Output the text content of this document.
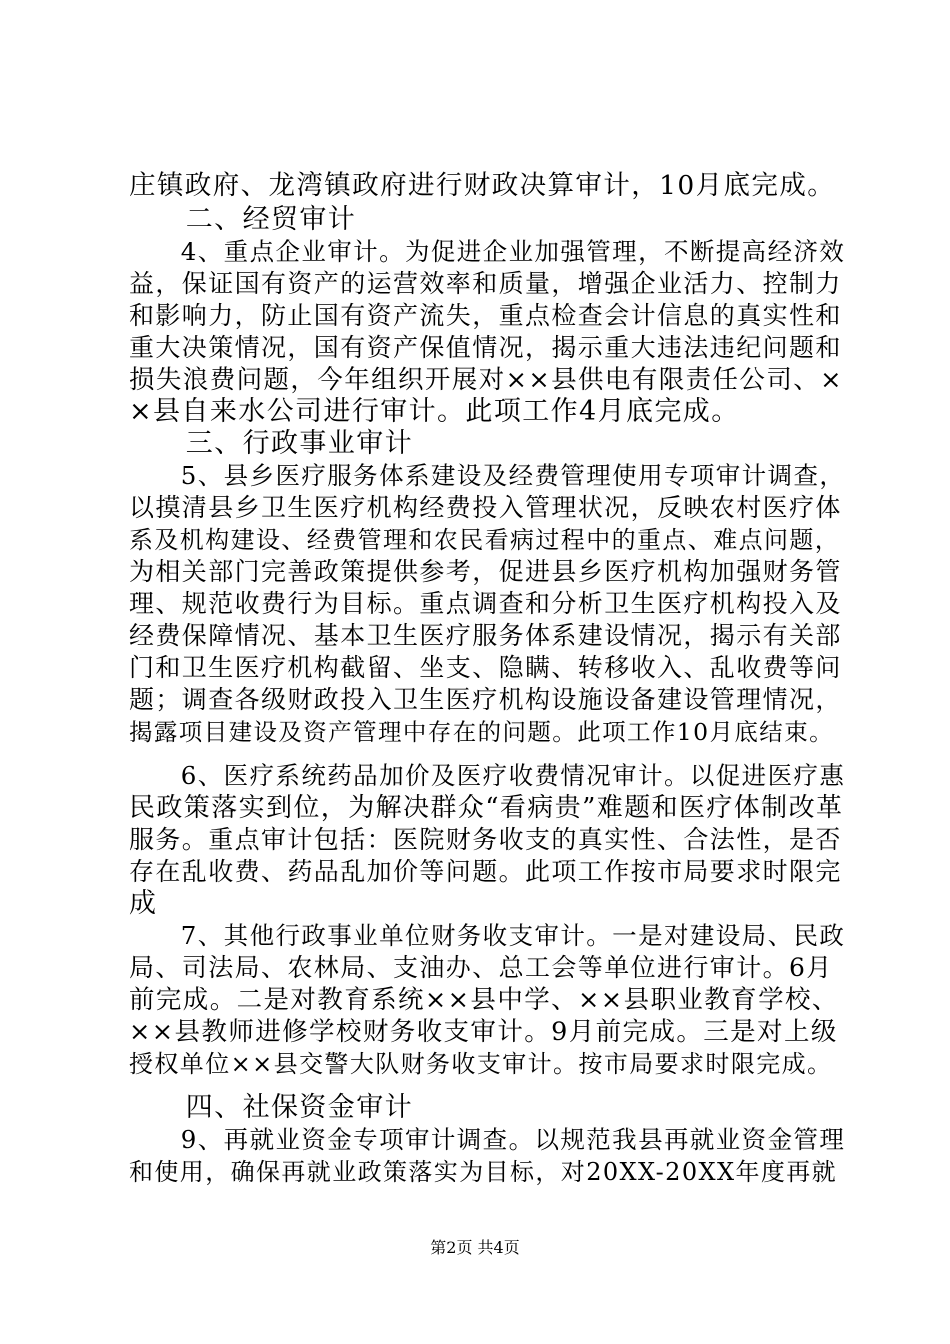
庄镇政府、龙湾镇政府进行财政决算审计，10月底完成。
　　二、经贸审计
　　4、重点企业审计。为促进企业加强管理，不断提高经济效
益，保证国有资产的运营效率和质量，增强企业活力、控制力
和影响力，防止国有资产流失，重点检查会计信息的真实性和
重大决策情况，国有资产保值情况，揭示重大违法违纪问题和
损失浪费问题，今年组织开展对××县供电有限责任公司、×
×县自来水公司进行审计。此项工作4月底完成。
　　三、行政事业审计
　　5、县乡医疗服务体系建设及经费管理使用专项审计调查，
以摸清县乡卫生医疗机构经费投入管理状况，反映农村医疗体
系及机构建设、经费管理和农民看病过程中的重点、难点问题，
为相关部门完善政策提供参考，促进县乡医疗机构加强财务管
理、规范收费行为目标。重点调查和分析卫生医疗机构投入及
经费保障情况、基本卫生医疗服务体系建设情况，揭示有关部
门和卫生医疗机构截留、坐支、隐瞒、转移收入、乱收费等问
题；调查各级财政投入卫生医疗机构设施设备建设管理情况，
揭露项目建设及资产管理中存在的问题。此项工作10月底结束。
　　6、医疗系统药品加价及医疗收费情况审计。以促进医疗惠
民政策落实到位，为解决群众“看病贵”难题和医疗体制改革
服务。重点审计包括：医院财务收支的真实性、合法性，是否
存在乱收费、药品乱加价等问题。此项工作按市局要求时限完
成
　　7、其他行政事业单位财务收支审计。一是对建设局、民政
局、司法局、农林局、支油办、总工会等单位进行审计。6月
前完成。二是对教育系统××县中学、××县职业教育学校、
××县教师进修学校财务收支审计。9月前完成。三是对上级
授权单位××县交警大队财务收支审计。按市局要求时限完成。
　　四、社保资金审计
　　9、再就业资金专项审计调查。以规范我县再就业资金管理
和使用，确保再就业政策落实为目标，对20XX-20XX年度再就
第2页 共4页
